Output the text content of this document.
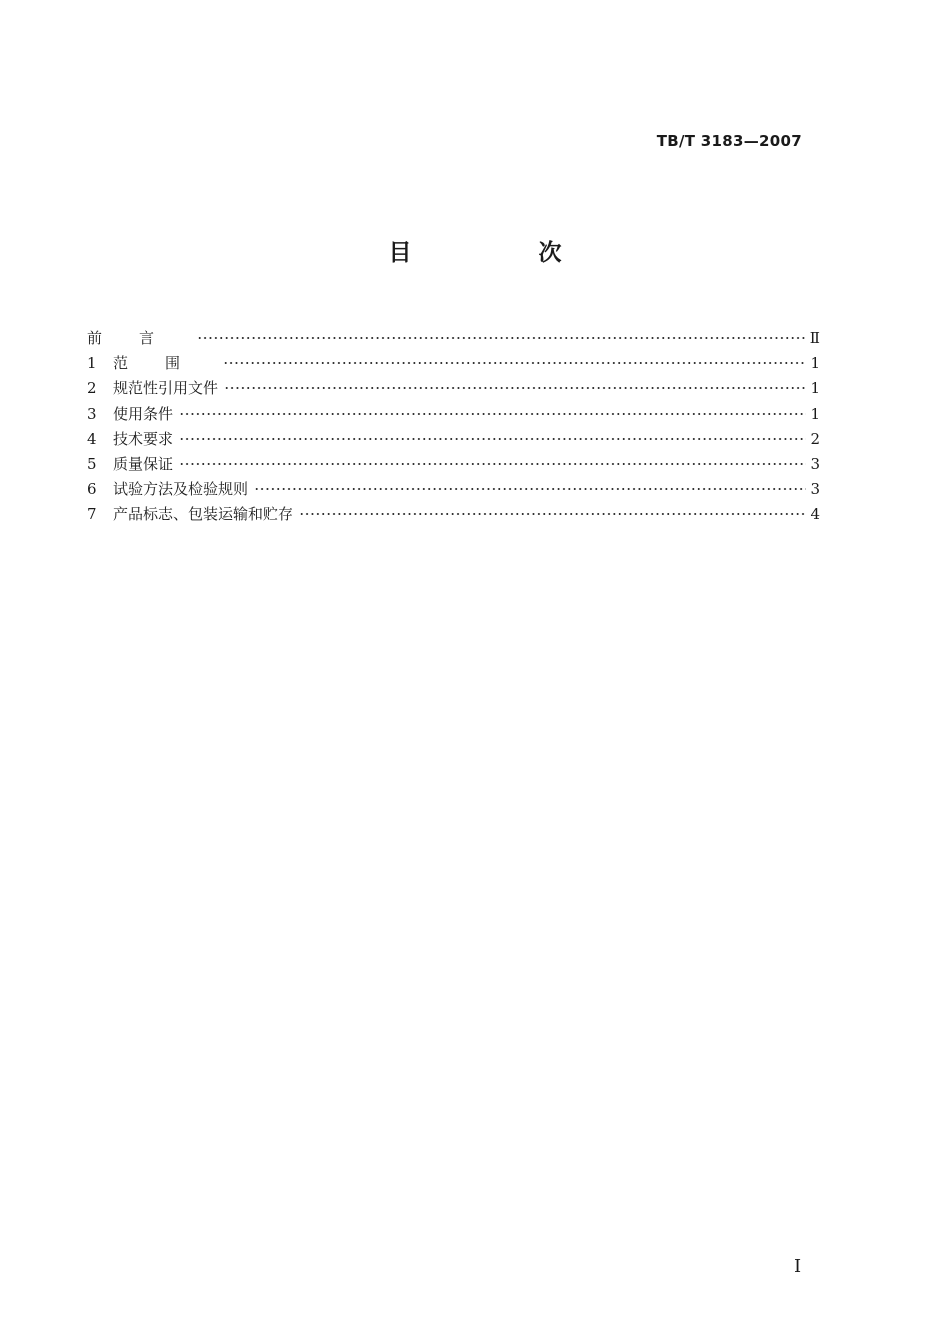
TB/T 3183—2007
目　次
前言	Ⅱ
1	范围	1
2	规范性引用文件	1
3	使用条件	1
4	技术要求	2
5	质量保证	3
6	试验方法及检验规则	3
7	产品标志、包装运输和贮存	4
I
